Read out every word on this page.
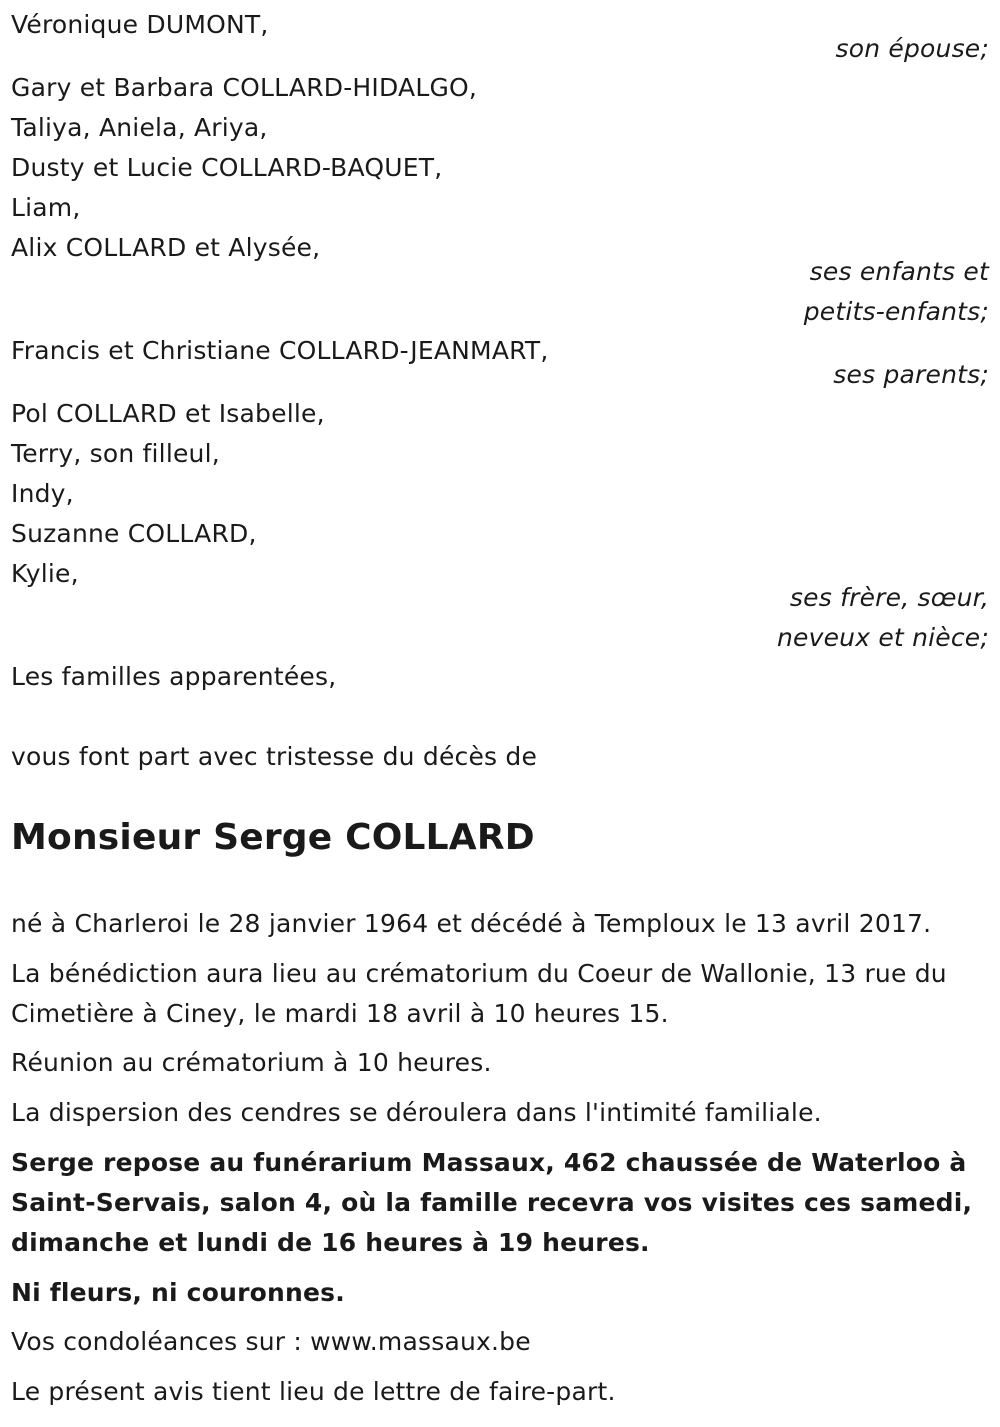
Véronique DUMONT,
son épouse;
Gary et Barbara COLLARD-HIDALGO,
Taliya, Aniela, Ariya,
Dusty et Lucie COLLARD-BAQUET,
Liam,
Alix COLLARD et Alysée,
ses enfants et
petits-enfants;
Francis et Christiane COLLARD-JEANMART,
ses parents;
Pol COLLARD et Isabelle,
Terry, son filleul,
Indy,
Suzanne COLLARD,
Kylie,
ses frère, sœur,
neveux et nièce;
Les familles apparentées,
vous font part avec tristesse du décès de
Monsieur Serge COLLARD
né à Charleroi le 28 janvier 1964 et décédé à Temploux le 13 avril 2017.
La bénédiction aura lieu au crématorium du Coeur de Wallonie, 13 rue du
Cimetière à Ciney, le mardi 18 avril à 10 heures 15.
Réunion au crématorium à 10 heures.
La dispersion des cendres se déroulera dans l'intimité familiale.
Serge repose au funérarium Massaux, 462 chaussée de Waterloo à
Saint-Servais, salon 4, où la famille recevra vos visites ces samedi,
dimanche et lundi de 16 heures à 19 heures.
Ni fleurs, ni couronnes.
Vos condoléances sur : www.massaux.be
Le présent avis tient lieu de lettre de faire-part.
